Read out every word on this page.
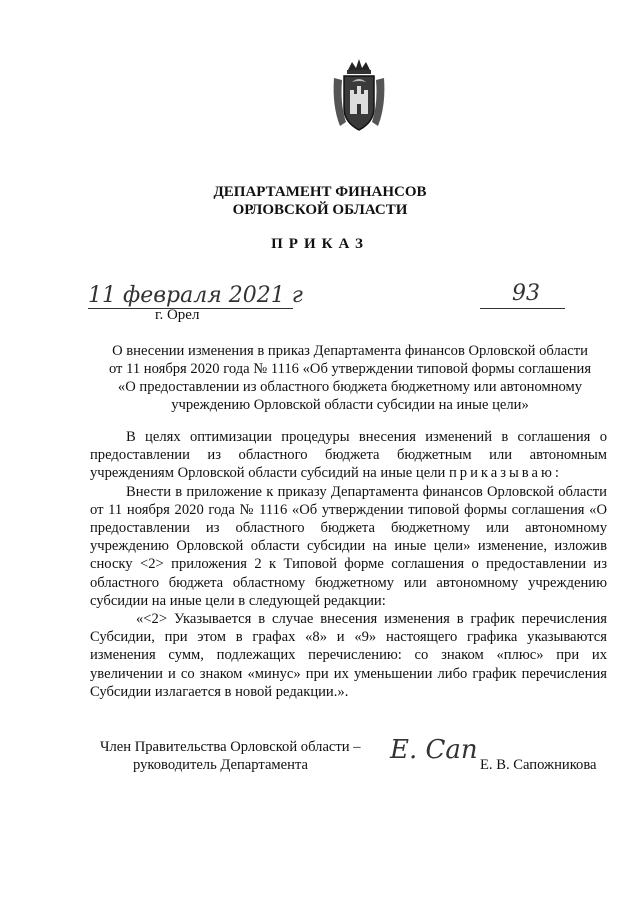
ДЕПАРТАМЕНТ ФИНАНСОВ
ОРЛОВСКОЙ ОБЛАСТИ
ПРИКАЗ
11 февраля 2021 г	93
г. Орел
О внесении изменения в приказ Департамента финансов Орловской области
от 11 ноября 2020 года № 1116 «Об утверждении типовой формы соглашения
«О предоставлении из областного бюджета бюджетному или автономному
учреждению Орловской области субсидии на иные цели»

В целях оптимизации процедуры внесения изменений в соглашения о предоставлении из областного бюджета бюджетным или автономным учреждениям Орловской области субсидий на иные цели приказываю:

Внести в приложение к приказу Департамента финансов Орловской области от 11 ноября 2020 года № 1116 «Об утверждении типовой формы соглашения «О предоставлении из областного бюджета бюджетному или автономному учреждению Орловской области субсидии на иные цели» изменение, изложив сноску <2> приложения 2 к Типовой форме соглашения о предоставлении из областного бюджета областному бюджетному или автономному учреждению субсидии на иные цели в следующей редакции:

«<2> Указывается в случае внесения изменения в график перечисления Субсидии, при этом в графах «8» и «9» настоящего графика указываются изменения сумм, подлежащих перечислению: со знаком «плюс» при их увеличении и со знаком «минус» при их уменьшении либо график перечисления Субсидии излагается в новой редакции.».

Член Правительства Орловской области –
руководитель Департамента	Е. Сап Е. В. Сапожникова
